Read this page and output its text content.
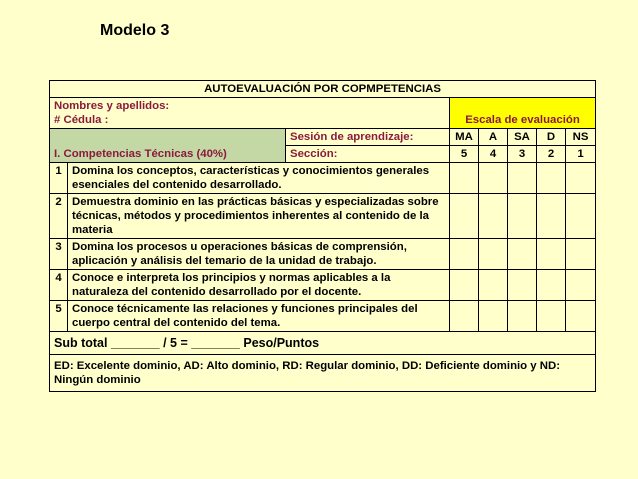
Modelo 3
AUTOEVALUACIÓN POR COPMPETENCIAS							

Nombres y apellidos:
# Cédula :			Escala de evaluación				
I. Competencias Técnicas (40%)		Sesión de aprendizaje:	MA	A	SA	D	NS
		Sección:	5	4	3	2	1
1	Domina los conceptos, características y conocimientos generales esenciales del contenido desarrollado.						
2	Demuestra dominio en las prácticas básicas y especializadas sobre técnicas, métodos y procedimientos inherentes al contenido de la materia						
3	Domina los procesos u operaciones básicas de comprensión, aplicación y análisis del temario de la unidad de trabajo.						
4	Conoce e interpreta los principios y normas aplicables a la naturaleza del contenido desarrollado por el docente.						
5	Conoce técnicamente las relaciones y funciones principales del cuerpo central del contenido del tema.						
Sub total _______ / 5 = _______ Peso/Puntos							
ED: Excelente dominio, AD: Alto dominio, RD: Regular dominio, DD: Deficiente dominio y ND: Ningún dominio							
